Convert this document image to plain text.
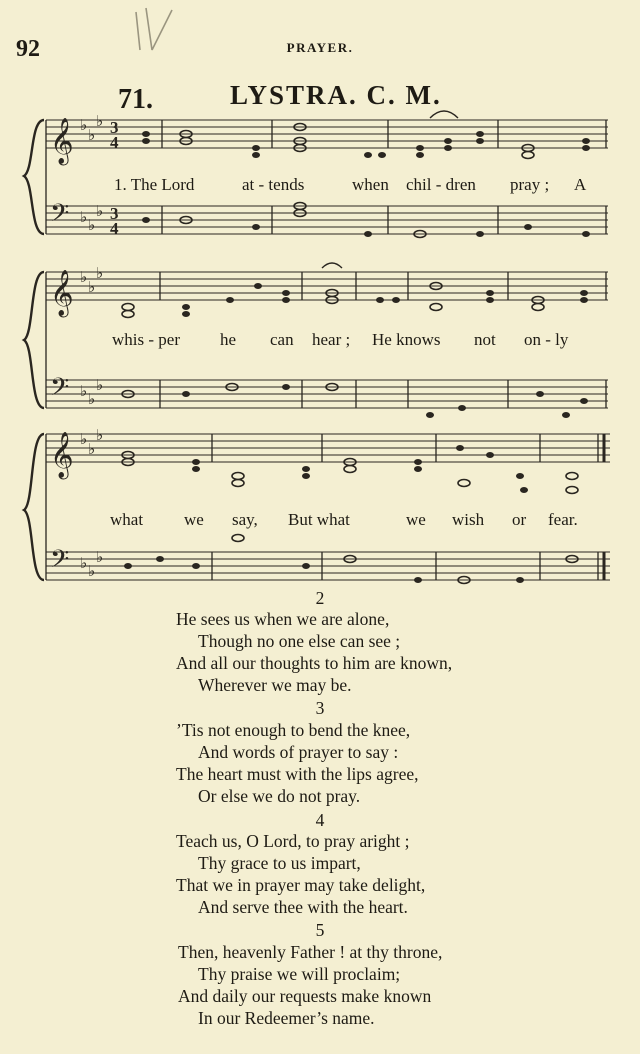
92	PRAYER.
71.	LYSTRA. C. M.
𝄞 ♭
♭
♭ 3
4
𝄢 ♭ ♭
♭ 3
4
1. The Lord	at - tends	when chil - dren pray ; A
𝄞 ♭
♭
♭
𝄢 ♭ ♭
♭
whis - per he can hear ; He knows not on - ly
𝄞 ♭
♭
♭
𝄢 ♭ ♭
♭
what we say, But what	we wish or fear.
2
He sees us when we are alone,
Though no one else can see ;
And all our thoughts to him are known,
Wherever we may be.
3
’Tis not enough to bend the knee,
And words of prayer to say :
The heart must with the lips agree,
Or else we do not pray.
4
Teach us, O Lord, to pray aright ;
Thy grace to us impart,
That we in prayer may take delight,
And serve thee with the heart.
5
Then, heavenly Father ! at thy throne,
Thy praise we will proclaim;
And daily our requests make known
In our Redeemer’s name.
